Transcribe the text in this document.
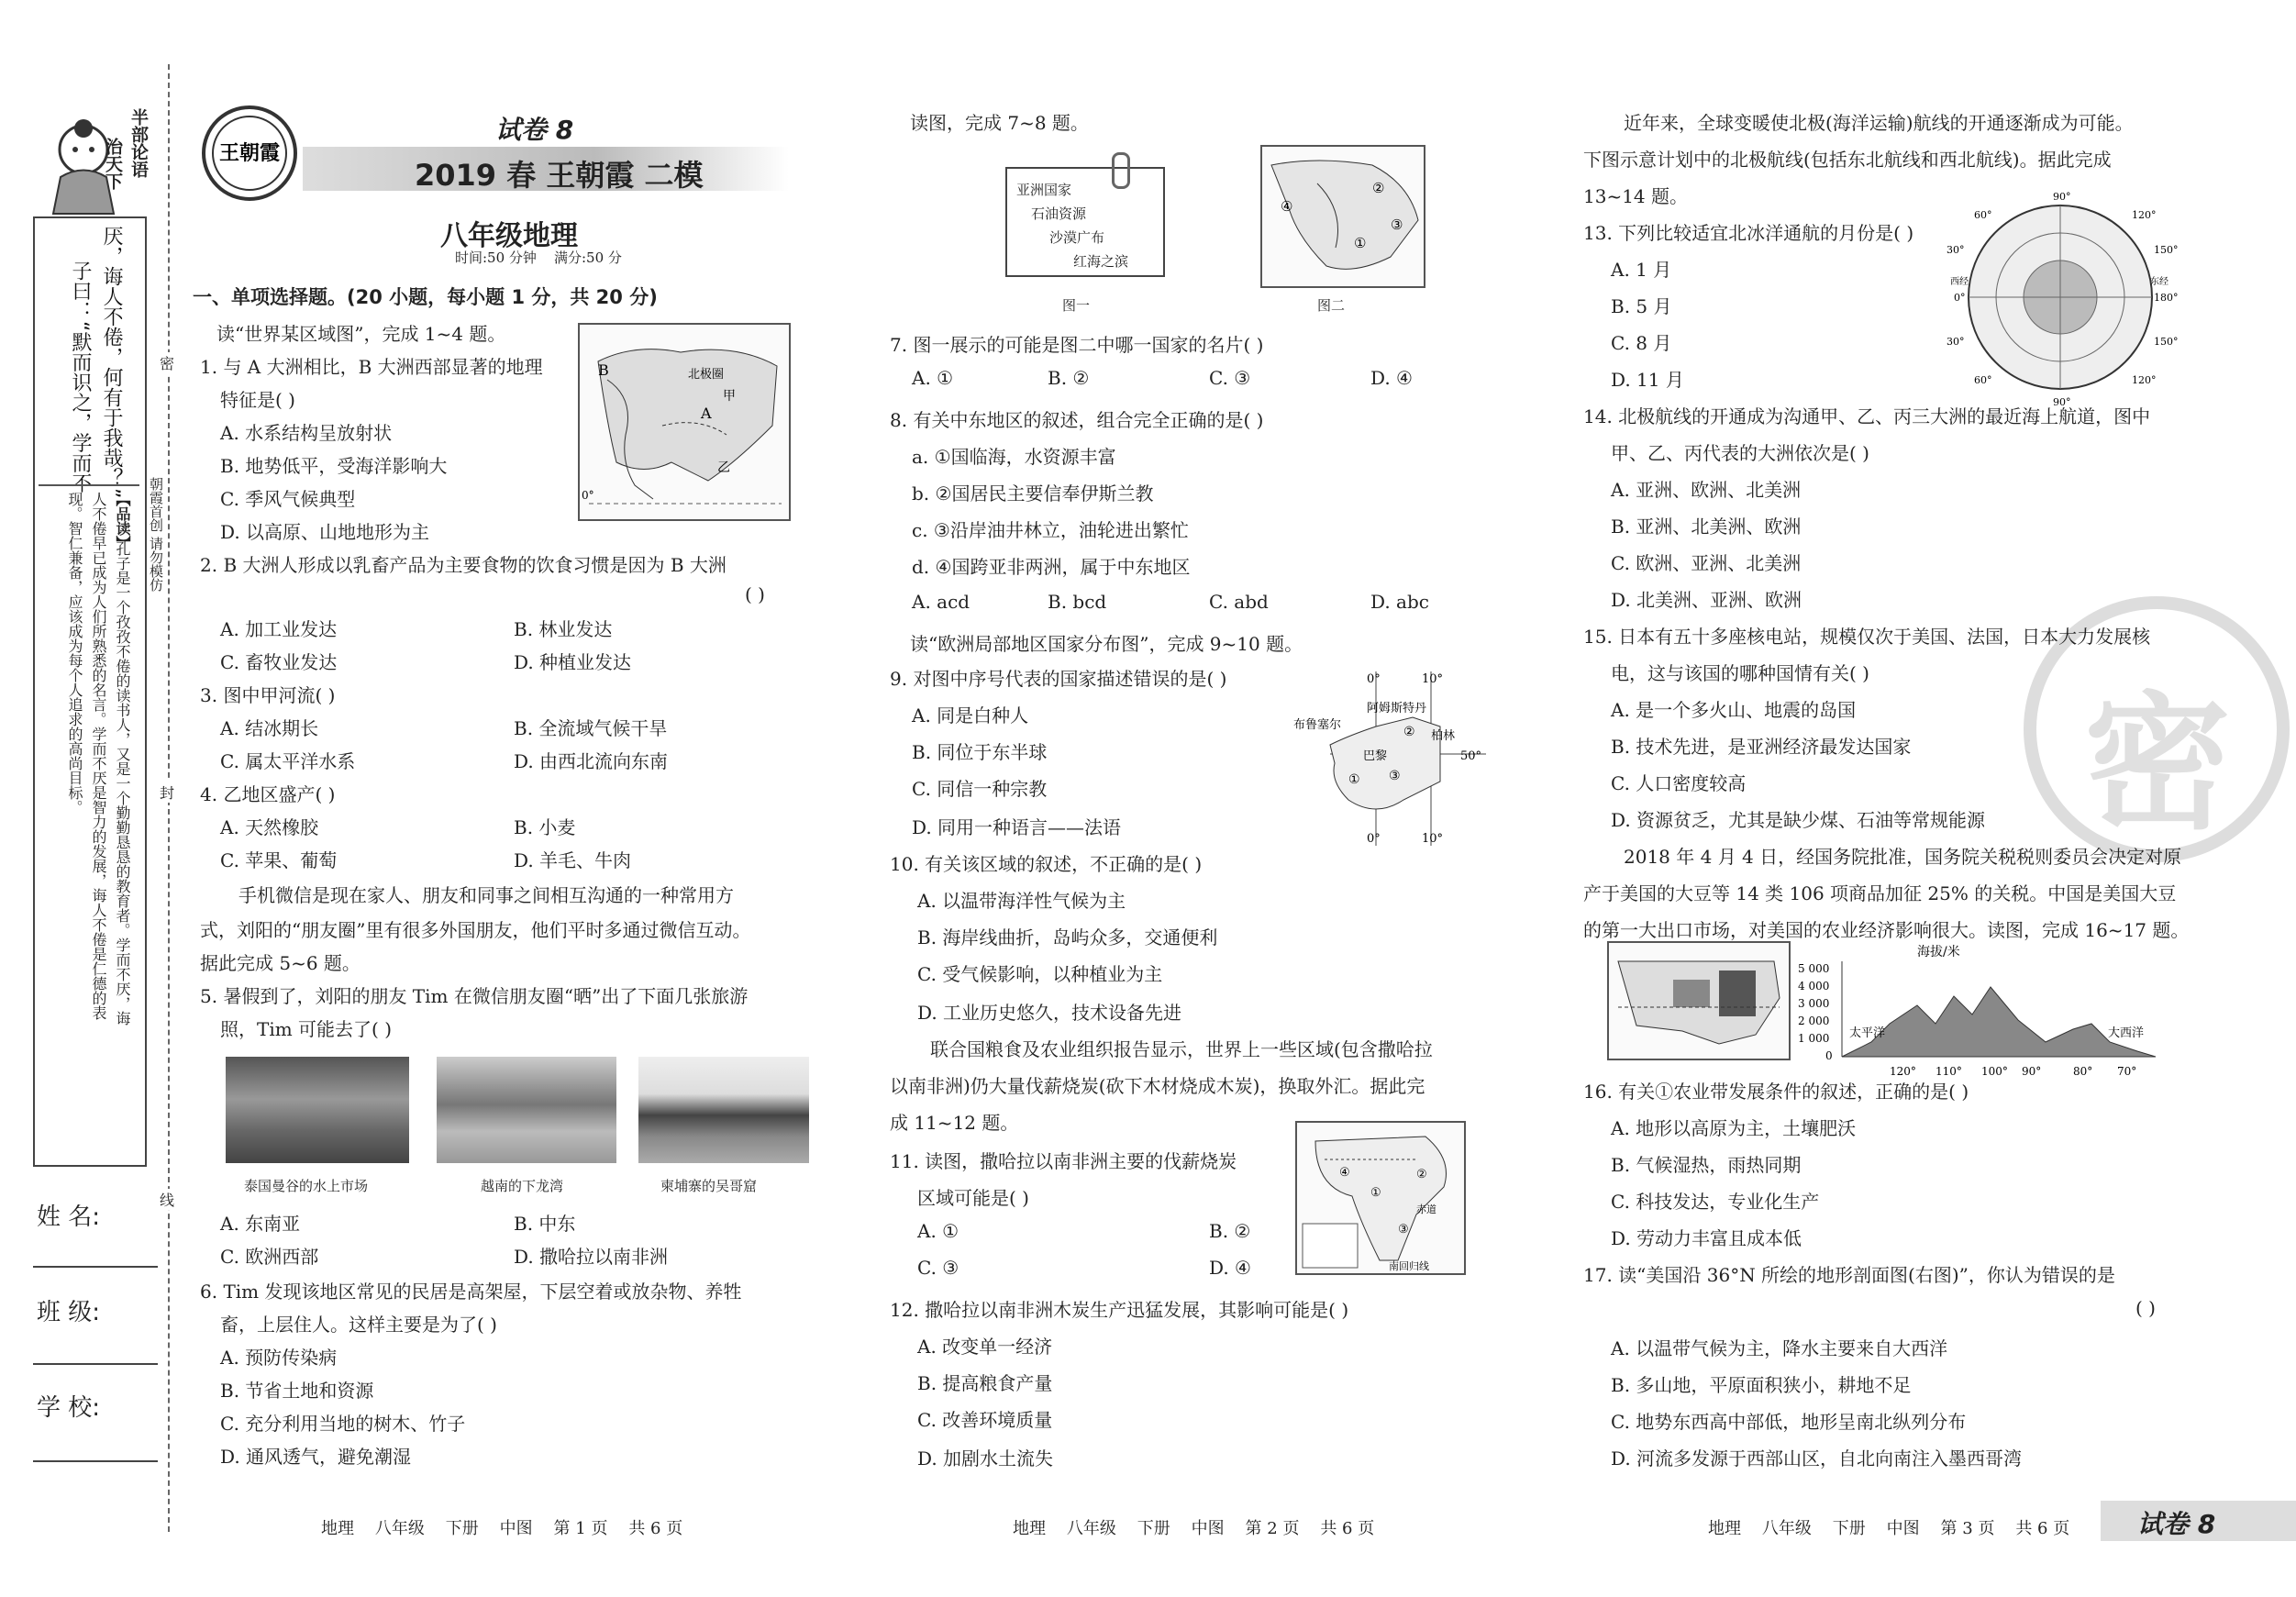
半部论语
治天下
厌，诲人不倦，何有于我哉？”
子曰：“默而识之，学而不
【品读】
孔子是一个孜孜不倦的读书人，又是一个勤勤恳恳的教育者。学而不厌，诲
人不倦早已成为人们所熟悉的名言。学而不厌是智力的发展，诲人不倦是仁德的表
现。智仁兼备，应该成为每个人追求的高尚目标。
姓 名:
班 级:
学 校:
朝霞首创 请勿模仿
密
封
线
王朝霞
试卷 8
2019 春 王朝霞 二模
八年级地理
时间:50 分钟    满分:50 分
一、单项选择题。(20 小题，每小题 1 分，共 20 分)
读“世界某区域图”，完成 1~4 题。
1. 与 A 大洲相比，B 大洲西部显著的地理
特征是( )
A. 水系结构呈放射状
B. 地势低平，受海洋影响大
C. 季风气候典型
D. 以高原、山地地形为主
B
A
北极圈
甲
乙
0°
2. B 大洲人形成以乳畜产品为主要食物的饮食习惯是因为 B 大洲
( )
A. 加工业发达	B. 林业发达
C. 畜牧业发达	D. 种植业发达
3. 图中甲河流( )
A. 结冰期长	B. 全流域气候干旱
C. 属太平洋水系	D. 由西北流向东南
4. 乙地区盛产( )
A. 天然橡胶	B. 小麦
C. 苹果、葡萄	D. 羊毛、牛肉
手机微信是现在家人、朋友和同事之间相互沟通的一种常用方
式，刘阳的“朋友圈”里有很多外国朋友，他们平时多通过微信互动。
据此完成 5~6 题。
5. 暑假到了，刘阳的朋友 Tim 在微信朋友圈“晒”出了下面几张旅游
照，Tim 可能去了( )
泰国曼谷的水上市场	越南的下龙湾	柬埔寨的吴哥窟
A. 东南亚	B. 中东
C. 欧洲西部	D. 撒哈拉以南非洲
6. Tim 发现该地区常见的民居是高架屋，下层空着或放杂物、养牲
畜，上层住人。这样主要是为了( )
A. 预防传染病
B. 节省土地和资源
C. 充分利用当地的树木、竹子
D. 通风透气，避免潮湿
地理    八年级    下册    中图    第 1 页    共 6 页
读图，完成 7~8 题。
亚洲国家
石油资源
沙漠广布
红海之滨
图一
②
④
①
③
图二
7. 图一展示的可能是图二中哪一国家的名片( )
A. ①	B. ②	C. ③	D. ④
8. 有关中东地区的叙述，组合完全正确的是( )
a. ①国临海，水资源丰富
b. ②国居民主要信奉伊斯兰教
c. ③沿岸油井林立，油轮进出繁忙
d. ④国跨亚非两洲，属于中东地区
A. acd	B. bcd	C. abd	D. abc
读“欧洲局部地区国家分布图”，完成 9~10 题。
9. 对图中序号代表的国家描述错误的是( )
A. 同是白种人
B. 同位于东半球
C. 同信一种宗教
D. 同用一种语言——法语
0°	10°
阿姆斯特丹
布鲁塞尔
柏林
巴黎	50°
①
②
③
10°
0°
10. 有关该区域的叙述，不正确的是( )
A. 以温带海洋性气候为主
B. 海岸线曲折，岛屿众多，交通便利
C. 受气候影响，以种植业为主
D. 工业历史悠久，技术设备先进
联合国粮食及农业组织报告显示，世界上一些区域(包含撒哈拉
以南非洲)仍大量伐薪烧炭(砍下木材烧成木炭)，换取外汇。据此完
成 11~12 题。
赤道
南回归线
①
②
③
④
11. 读图，撒哈拉以南非洲主要的伐薪烧炭
区域可能是( )
A. ①	B. ②
C. ③	D. ④
12. 撒哈拉以南非洲木炭生产迅猛发展，其影响可能是( )
A. 改变单一经济
B. 提高粮食产量
C. 改善环境质量
D. 加剧水土流失
地理    八年级    下册    中图    第 2 页    共 6 页
密
近年来，全球变暖使北极(海洋运输)航线的开通逐渐成为可能。
下图示意计划中的北极航线(包括东北航线和西北航线)。据此完成
13~14 题。	90°
60°	120°
30°	150°
0°	180°
30°	150°
60°	120°
90°
西经	东经
13. 下列比较适宜北冰洋通航的月份是( )
A. 1 月
B. 5 月
C. 8 月
D. 11 月
14. 北极航线的开通成为沟通甲、乙、丙三大洲的最近海上航道，图中
甲、乙、丙代表的大洲依次是( )
A. 亚洲、欧洲、北美洲
B. 亚洲、北美洲、欧洲
C. 欧洲、亚洲、北美洲
D. 北美洲、亚洲、欧洲
15. 日本有五十多座核电站，规模仅次于美国、法国，日本大力发展核
电，这与该国的哪种国情有关( )
A. 是一个多火山、地震的岛国
B. 技术先进，是亚洲经济最发达国家
C. 人口密度较高
D. 资源贫乏，尤其是缺少煤、石油等常规能源
2018 年 4 月 4 日，经国务院批准，国务院关税税则委员会决定对原
产于美国的大豆等 14 类 106 项商品加征 25% 的关税。中国是美国大豆
的第一大出口市场，对美国的农业经济影响很大。读图，完成 16~17 题。
海拔/米
5 000
4 000
3 000
2 000
1 000
0
太平洋	大西洋
120° 110° 100° 90°	80° 70°
16. 有关①农业带发展条件的叙述，正确的是( )
A. 地形以高原为主，土壤肥沃
B. 气候湿热，雨热同期
C. 科技发达，专业化生产
D. 劳动力丰富且成本低
17. 读“美国沿 36°N 所绘的地形剖面图(右图)”，你认为错误的是
( )
A. 以温带气候为主，降水主要来自大西洋
B. 多山地，平原面积狭小，耕地不足
C. 地势东西高中部低，地形呈南北纵列分布
D. 河流多发源于西部山区，自北向南注入墨西哥湾
地理    八年级    下册    中图    第 3 页    共 6 页	试卷 8
